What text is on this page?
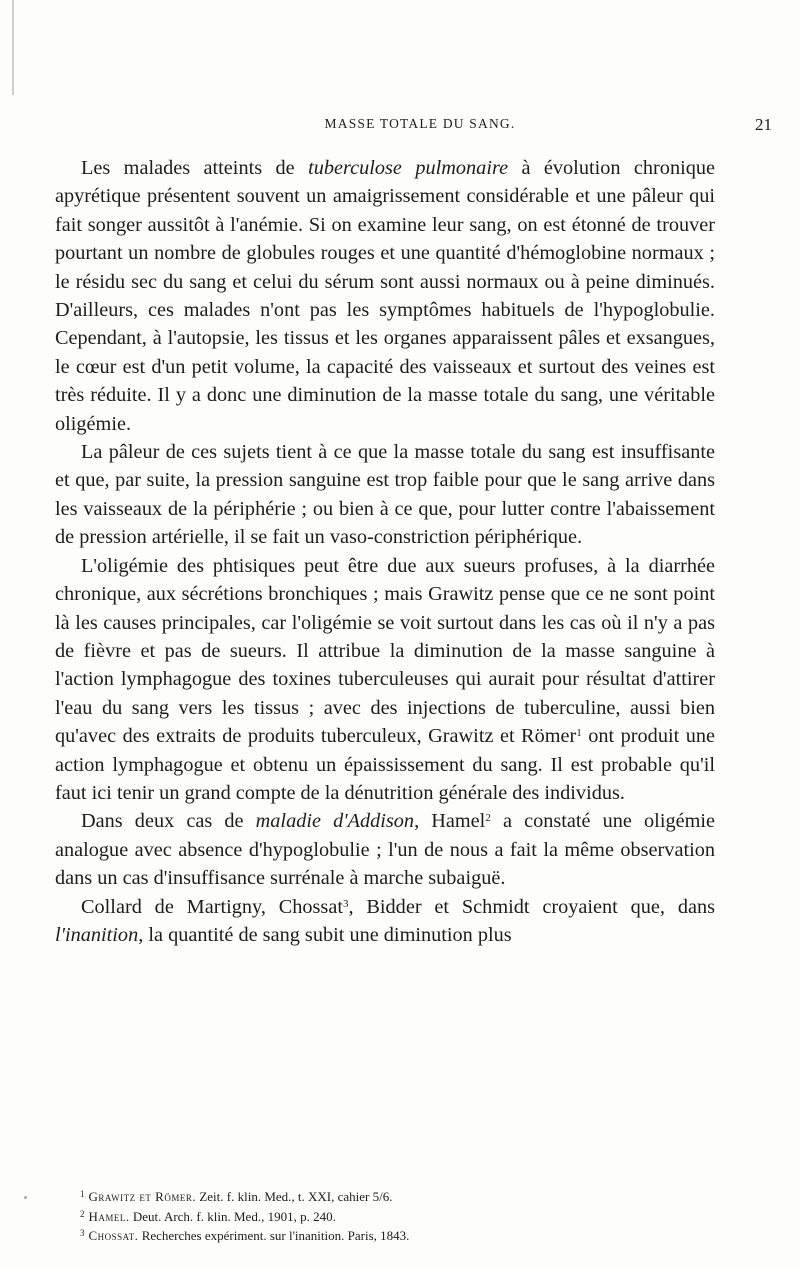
MASSE TOTALE DU SANG.	21

Les malades atteints de tuberculose pulmonaire à évolution chronique apyrétique présentent souvent un amaigrissement considérable et une pâleur qui fait songer aussitôt à l'anémie. Si on examine leur sang, on est étonné de trouver pourtant un nombre de globules rouges et une quantité d'hémoglobine normaux ; le résidu sec du sang et celui du sérum sont aussi normaux ou à peine diminués. D'ailleurs, ces malades n'ont pas les symptômes habituels de l'hypoglobulie. Cependant, à l'autopsie, les tissus et les organes apparaissent pâles et exsangues, le cœur est d'un petit volume, la capacité des vaisseaux et surtout des veines est très réduite. Il y a donc une diminution de la masse totale du sang, une véritable oligémie.

La pâleur de ces sujets tient à ce que la masse totale du sang est insuffisante et que, par suite, la pression sanguine est trop faible pour que le sang arrive dans les vaisseaux de la périphérie ; ou bien à ce que, pour lutter contre l'abaissement de pression artérielle, il se fait un vaso-constriction périphérique.

L'oligémie des phtisiques peut être due aux sueurs profuses, à la diarrhée chronique, aux sécrétions bronchiques ; mais Grawitz pense que ce ne sont point là les causes principales, car l'oligémie se voit surtout dans les cas où il n'y a pas de fièvre et pas de sueurs. Il attribue la diminution de la masse sanguine à l'action lymphagogue des toxines tuberculeuses qui aurait pour résultat d'attirer l'eau du sang vers les tissus ; avec des injections de tuberculine, aussi bien qu'avec des extraits de produits tuberculeux, Grawitz et Römer$^1$ ont produit une action lymphagogue et obtenu un épaississement du sang. Il est probable qu'il faut ici tenir un grand compte de la dénutrition générale des individus.

Dans deux cas de maladie d'Addison, Hamel$^2$ a constaté une oligémie analogue avec absence d'hypoglobulie ; l'un de nous a fait la même observation dans un cas d'insuffisance surrénale à marche subaiguë.

Collard de Martigny, Chossat$^3$, Bidder et Schmidt croyaient que, dans l'inanition, la quantité de sang subit une diminution plus

$^1$ Grawitz et Römer. Zeit. f. klin. Med., t. XXI, cahier 5/6.
$^2$ Hamel. Deut. Arch. f. klin. Med., 1901, p. 240.
$^3$ Chossat. Recherches expériment. sur l'inanition. Paris, 1843.
